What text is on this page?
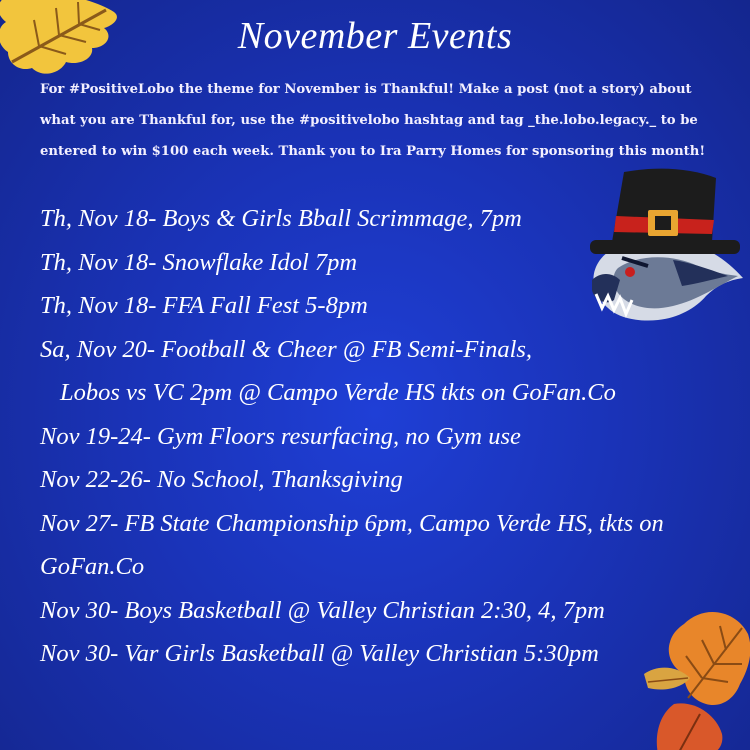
November Events
For #PositiveLobo the theme for November is Thankful! Make a post (not a story) about what you are Thankful for, use the #positivelobo hashtag and tag _the.lobo.legacy._ to be entered to win $100 each week. Thank you to Ira Parry Homes for sponsoring this month!
Th, Nov 18- Boys & Girls Bball Scrimmage, 7pm
Th, Nov 18- Snowflake Idol 7pm
Th, Nov 18- FFA Fall Fest 5-8pm
Sa, Nov 20- Football & Cheer @ FB Semi-Finals,
Lobos vs VC 2pm @ Campo Verde HS tkts on GoFan.Co
Nov 19-24- Gym Floors resurfacing, no Gym use
Nov 22-26- No School, Thanksgiving
Nov 27- FB State Championship 6pm, Campo Verde HS, tkts on GoFan.Co
Nov 30- Boys Basketball @ Valley Christian 2:30, 4, 7pm
Nov 30- Var Girls Basketball @ Valley Christian 5:30pm
